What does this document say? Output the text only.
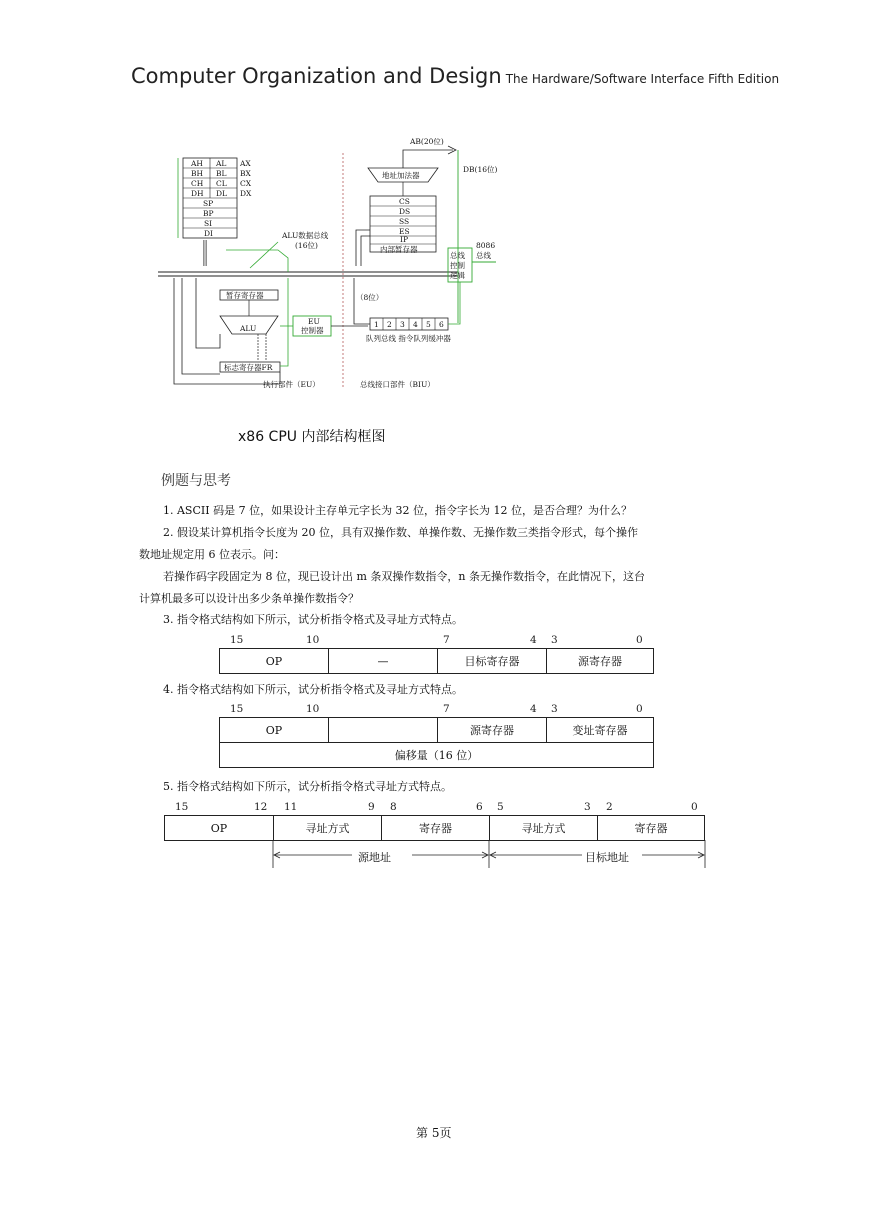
Computer Organization and Design The Hardware/Software Interface Fifth Edition
AH
BH
CH
DH
AL
BL
CL
DL
AX
BX
CX
DX
SP
BP
SI
DI	ALU数据总线
(16位)
暂存寄存器
ALU
标志寄存器FR
EU
控制器
地址加法器
AB(20位)
DB(16位)
CS
DS
SS
ES
IP
内部暂存器
总线
控制
逻辑
8086
总线
1 2 3 4 5 6
队列总线 指令队列缓冲器
（8位）
执行部件（EU）	总线接口部件（BIU）
x86 CPU 内部结构框图
例题与思考
1. ASCII 码是 7 位，如果设计主存单元字长为 32 位，指令字长为 12 位，是否合理？为什么？
2. 假设某计算机指令长度为 20 位，具有双操作数、单操作数、无操作数三类指令形式，每个操作
数地址规定用 6 位表示。问：
若操作码字段固定为 8 位，现已设计出 m 条双操作数指令，n 条无操作数指令，在此情况下，这台
计算机最多可以设计出多少条单操作数指令？
3. 指令格式结构如下所示，试分析指令格式及寻址方式特点。
15	10	7	4 3	0
OP	—	目标寄存器	源寄存器
4. 指令格式结构如下所示，试分析指令格式及寻址方式特点。
15	10	7	4 3	0
OP		源寄存器	变址寄存器
偏移量（16 位）
5. 指令格式结构如下所示，试分析指令格式寻址方式特点。
15	12 11	9 8	6 5	3 2	0
OP	寻址方式	寄存器	寻址方式	寄存器
源地址	目标地址
第 5页
